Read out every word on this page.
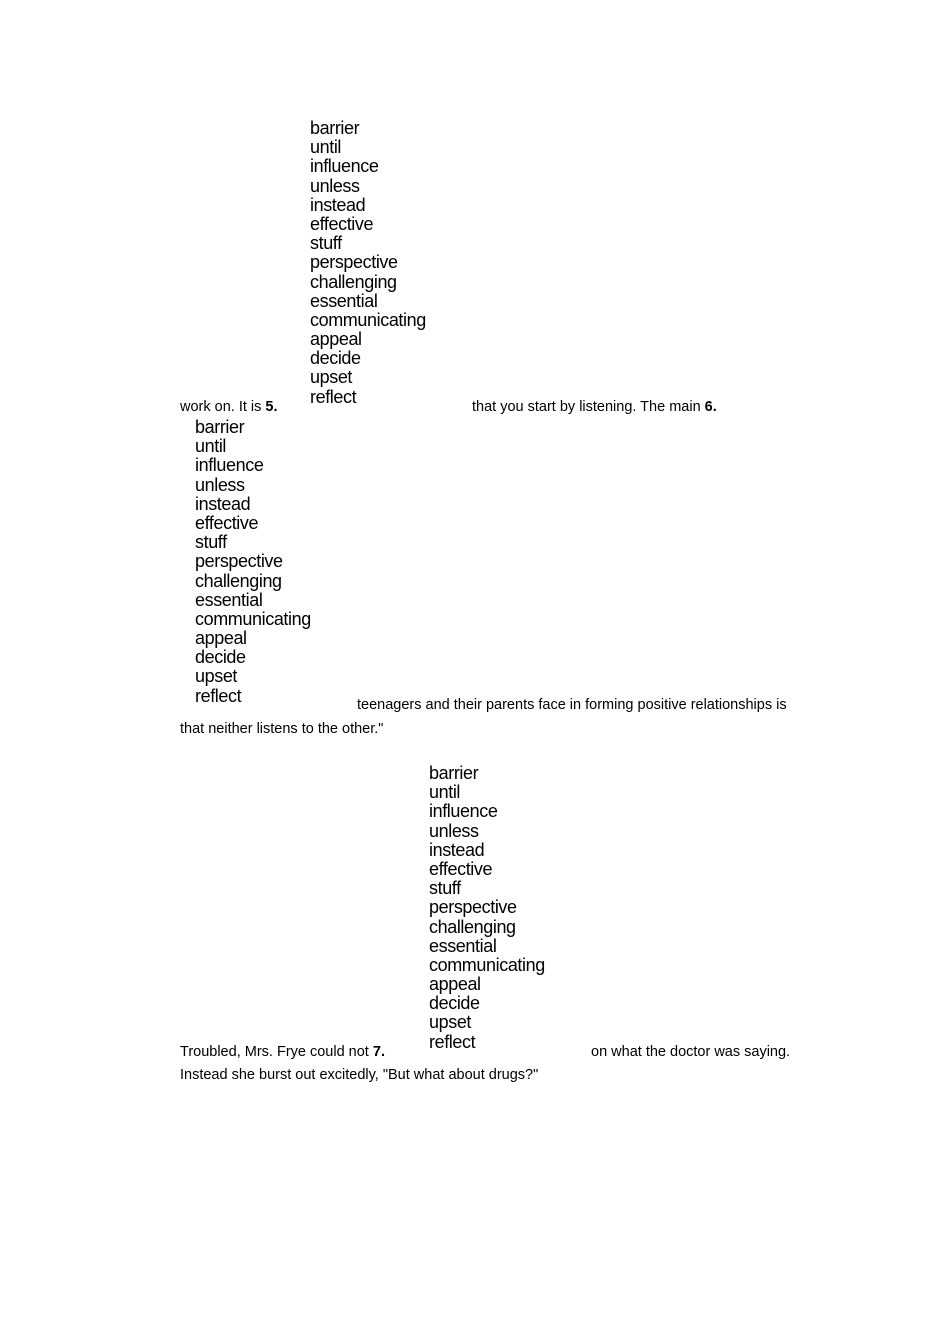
barrier
until
influence
unless
instead
effective
stuff
perspective
challenging
essential
communicating
appeal
decide
upset
reflect
work on. It is 5.	that you start by listening. The main 6.
barrier
until
influence
unless
instead
effective
stuff
perspective
challenging
essential
communicating
appeal
decide
upset
reflect	teenagers and their parents face in forming positive relationships is
that neither listens to the other."
barrier
until
influence
unless
instead
effective
stuff
perspective
challenging
essential
communicating
appeal
decide
upset
reflect
Troubled, Mrs. Frye could not 7.	on what the doctor was saying.
Instead she burst out excitedly, "But what about drugs?"
